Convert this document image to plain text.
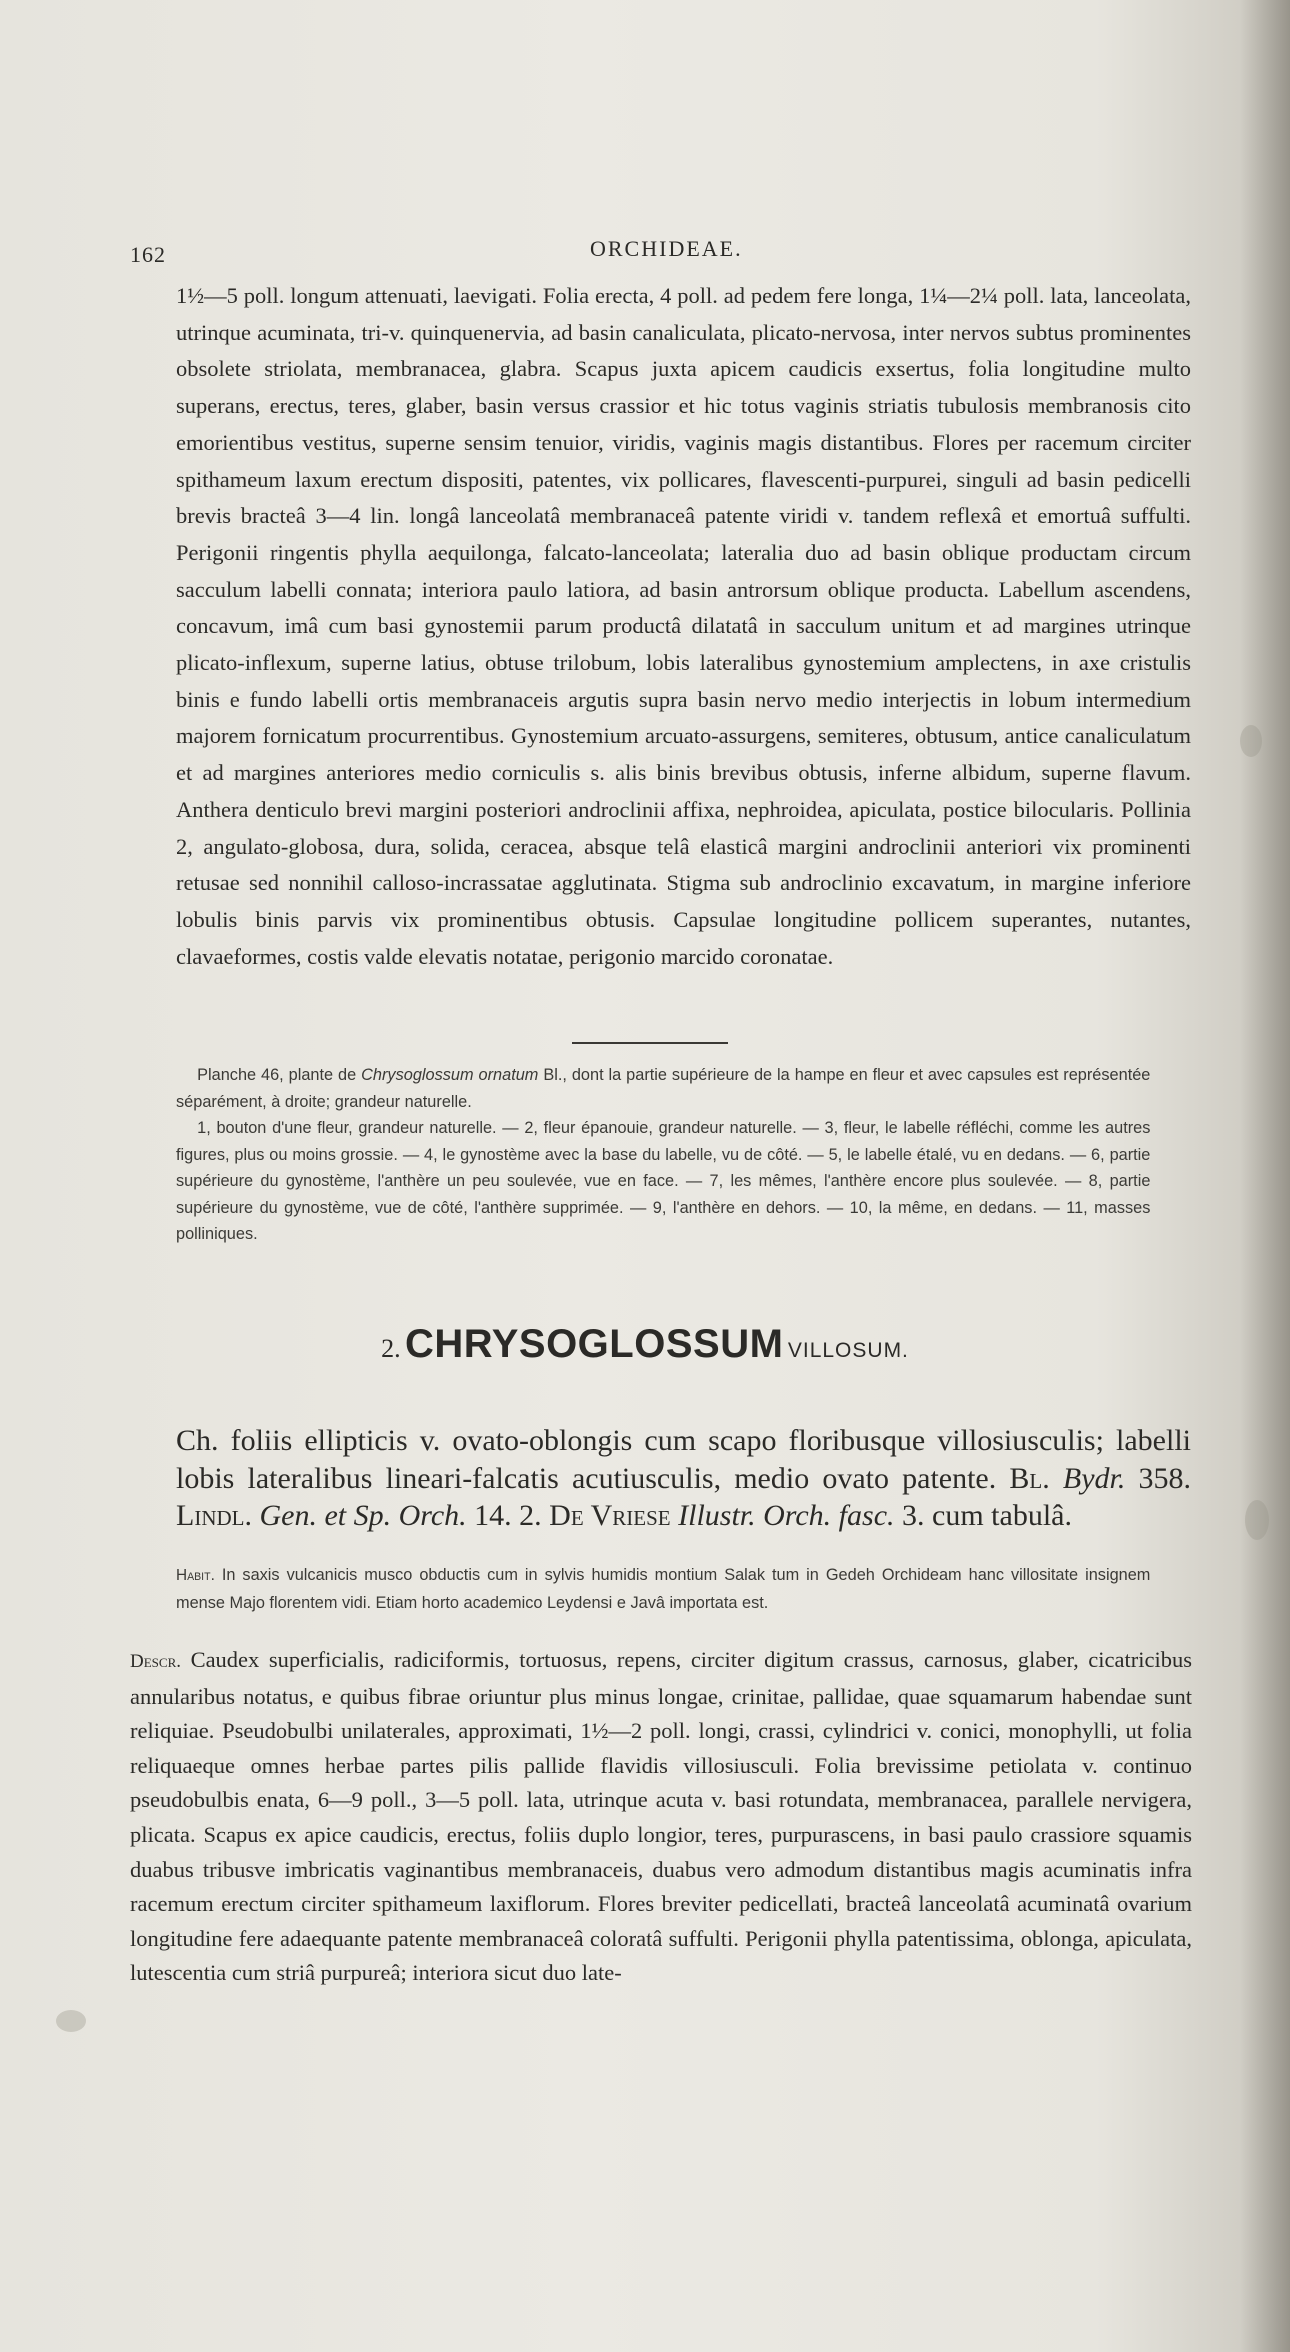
162	ORCHIDEAE.
1½—5 poll. longum attenuati, laevigati. Folia erecta, 4 poll. ad pedem fere longa, 1¼—2¼ poll. lata, lanceolata, utrinque acuminata, tri-v. quinquenervia, ad basin canaliculata, plicato-nervosa, inter nervos subtus prominentes obsolete striolata, membranacea, glabra. Scapus juxta apicem caudicis exsertus, folia longitudine multo superans, erectus, teres, glaber, basin versus crassior et hic totus vaginis striatis tubulosis membranosis cito emorientibus vestitus, superne sensim tenuior, viridis, vaginis magis distantibus. Flores per racemum circiter spithameum laxum erectum dispositi, patentes, vix pollicares, flavescenti-purpurei, singuli ad basin pedicelli brevis bracteâ 3—4 lin. longâ lanceolatâ membranaceâ patente viridi v. tandem reflexâ et emortuâ suffulti. Perigonii ringentis phylla aequilonga, falcato-lanceolata; lateralia duo ad basin oblique productam circum sacculum labelli connata; interiora paulo latiora, ad basin antrorsum oblique producta. Labellum ascendens, concavum, imâ cum basi gynostemii parum productâ dilatatâ in sacculum unitum et ad margines utrinque plicato-inflexum, superne latius, obtuse trilobum, lobis lateralibus gynostemium amplectens, in axe cristulis binis e fundo labelli ortis membranaceis argutis supra basin nervo medio interjectis in lobum intermedium majorem fornicatum procurrentibus. Gynostemium arcuato-assurgens, semiteres, obtusum, antice canaliculatum et ad margines anteriores medio corniculis s. alis binis brevibus obtusis, inferne albidum, superne flavum. Anthera denticulo brevi margini posteriori androclinii affixa, nephroidea, apiculata, postice bilocularis. Pollinia 2, angulato-globosa, dura, solida, ceracea, absque telâ elasticâ margini androclinii anteriori vix prominenti retusae sed nonnihil calloso-incrassatae agglutinata. Stigma sub androclinio excavatum, in margine inferiore lobulis binis parvis vix prominentibus obtusis. Capsulae longitudine pollicem superantes, nutantes, clavaeformes, costis valde elevatis notatae, perigonio marcido coronatae.

Planche 46, plante de Chrysoglossum ornatum Bl., dont la partie supérieure de la hampe en fleur et avec capsules est représentée séparément, à droite; grandeur naturelle.

1, bouton d'une fleur, grandeur naturelle. — 2, fleur épanouie, grandeur naturelle. — 3, fleur, le labelle réfléchi, comme les autres figures, plus ou moins grossie. — 4, le gynostème avec la base du labelle, vu de côté. — 5, le labelle étalé, vu en dedans. — 6, partie supérieure du gynostème, l'anthère un peu soulevée, vue en face. — 7, les mêmes, l'anthère encore plus soulevée. — 8, partie supérieure du gynostème, vue de côté, l'anthère supprimée. — 9, l'anthère en dehors. — 10, la même, en dedans. — 11, masses polliniques.

2. CHRYSOGLOSSUM VILLOSUM.
Ch. foliis ellipticis v. ovato-oblongis cum scapo floribusque villosiusculis; labelli lobis lateralibus lineari-falcatis acutiusculis, medio ovato patente. Bl. Bydr. 358. Lindl. Gen. et Sp. Orch. 14. 2. De Vriese Illustr. Orch. fasc. 3. cum tabulâ.
Habit. In saxis vulcanicis musco obductis cum in sylvis humidis montium Salak tum in Gedeh Orchideam hanc villositate insignem mense Majo florentem vidi. Etiam horto academico Leydensi e Javâ importata est.
Descr. Caudex superficialis, radiciformis, tortuosus, repens, circiter digitum crassus, carnosus, glaber, cicatricibus annularibus notatus, e quibus fibrae oriuntur plus minus longae, crinitae, pallidae, quae squamarum habendae sunt reliquiae. Pseudobulbi unilaterales, approximati, 1½—2 poll. longi, crassi, cylindrici v. conici, monophylli, ut folia reliquaeque omnes herbae partes pilis pallide flavidis villosiusculi. Folia brevissime petiolata v. continuo pseudobulbis enata, 6—9 poll., 3—5 poll. lata, utrinque acuta v. basi rotundata, membranacea, parallele nervigera, plicata. Scapus ex apice caudicis, erectus, foliis duplo longior, teres, purpurascens, in basi paulo crassiore squamis duabus tribusve imbricatis vaginantibus membranaceis, duabus vero admodum distantibus magis acuminatis infra racemum erectum circiter spithameum laxiflorum. Flores breviter pedicellati, bracteâ lanceolatâ acuminatâ ovarium longitudine fere adaequante patente membranaceâ coloratâ suffulti. Perigonii phylla patentissima, oblonga, apiculata, lutescentia cum striâ purpureâ; interiora sicut duo late-
